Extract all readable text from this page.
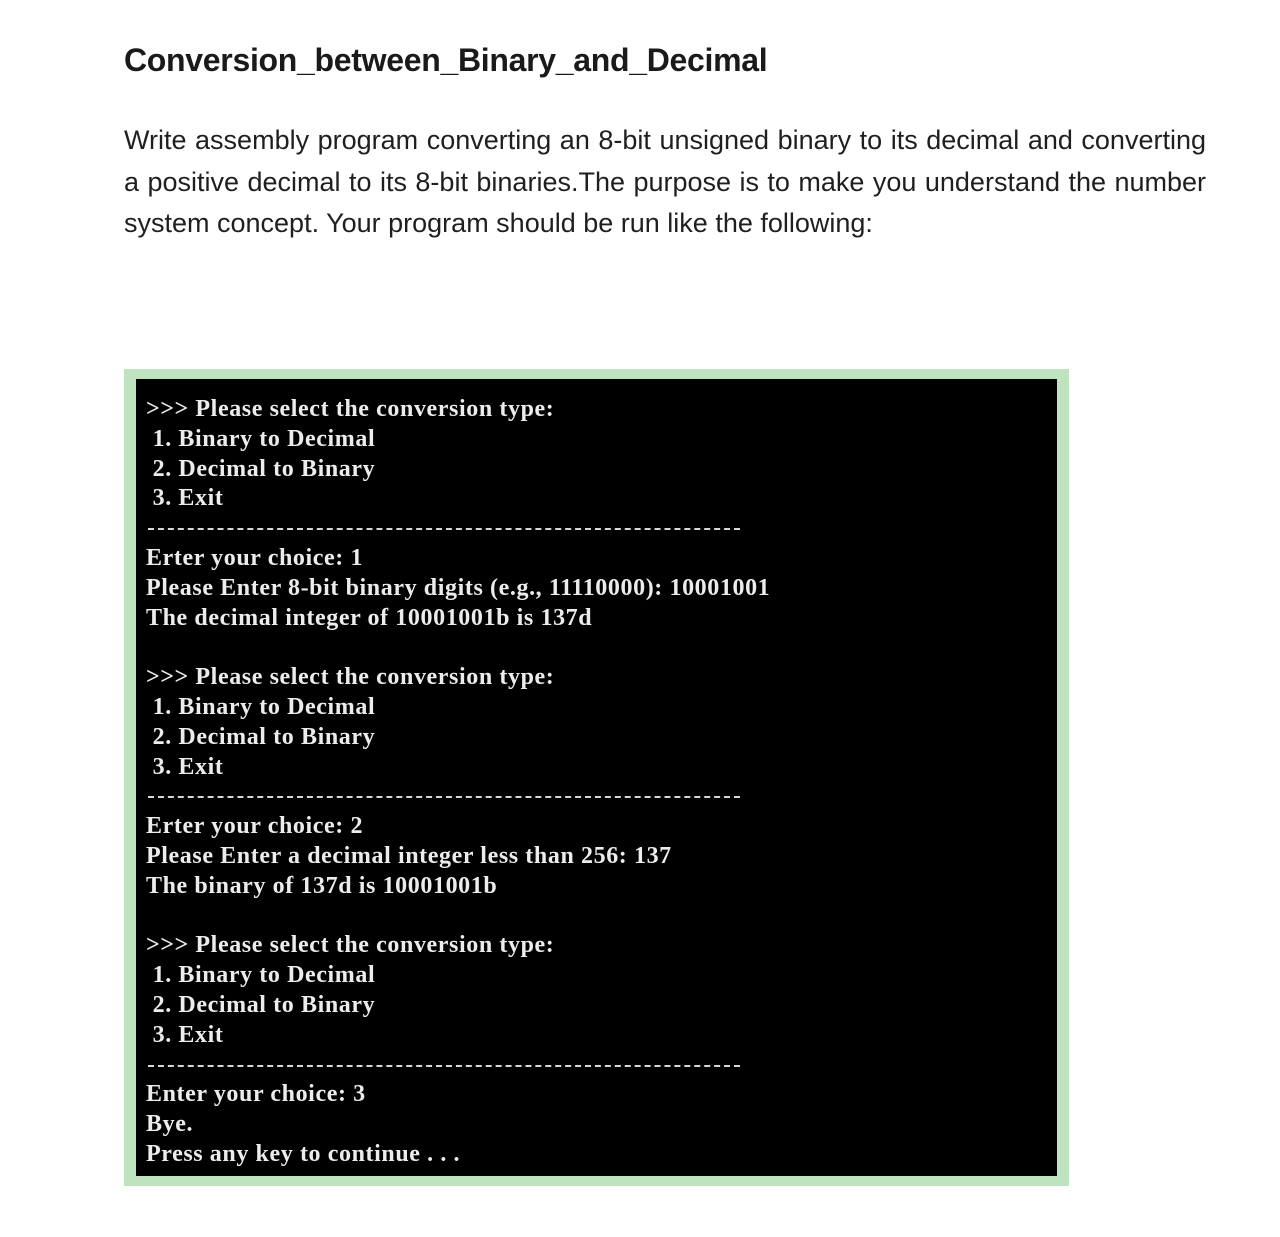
Conversion_between_Binary_and_Decimal
Write assembly program converting an 8-bit unsigned binary to its decimal and converting a positive decimal to its 8-bit binaries.The purpose is to make you understand the number system concept. Your program should be run like the following:
>>> Please select the conversion type:
1. Binary to Decimal
2. Decimal to Binary
3. Exit
Erter your choice: 1
Please Enter 8-bit binary digits (e.g., 11110000): 10001001
The decimal integer of 10001001b is 137d
>>> Please select the conversion type:
1. Binary to Decimal
2. Decimal to Binary
3. Exit
Erter your choice: 2
Please Enter a decimal integer less than 256: 137
The binary of 137d is 10001001b
>>> Please select the conversion type:
1. Binary to Decimal
2. Decimal to Binary
3. Exit
Enter your choice: 3
Bye.
Press any key to continue . . .
